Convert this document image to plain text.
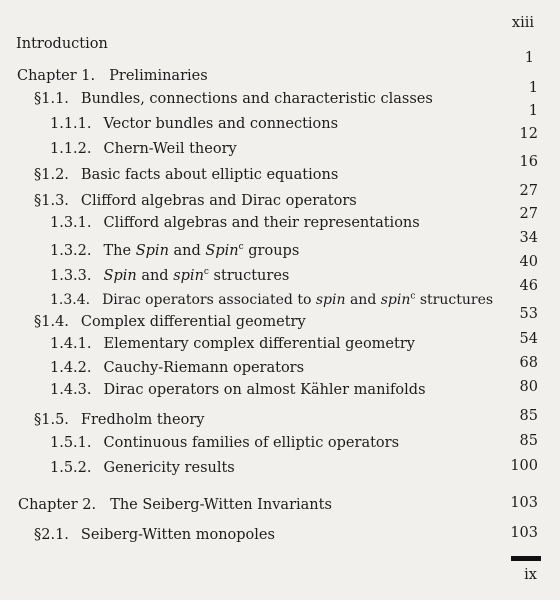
xiii
Introduction
1
Chapter 1. Preliminaries
1
§1.1. Bundles, connections and characteristic classes
1
1.1.1. Vector bundles and connections
12
1.1.2. Chern-Weil theory
16
§1.2. Basic facts about elliptic equations
27
§1.3. Clifford algebras and Dirac operators
27
1.3.1. Clifford algebras and their representations
34
1.3.2. The Spin and Spin$^c$ groups
40
1.3.3. Spin and spin$^c$ structures
46
1.3.4. Dirac operators associated to spin and spin$^c$ structures
53
§1.4. Complex differential geometry
54
1.4.1. Elementary complex differential geometry
68
1.4.2. Cauchy-Riemann operators
80
1.4.3. Dirac operators on almost Kähler manifolds
85
§1.5. Fredholm theory
85
1.5.1. Continuous families of elliptic operators
100
1.5.2. Genericity results
103
Chapter 2. The Seiberg-Witten Invariants
103
§2.1. Seiberg-Witten monopoles
ix
